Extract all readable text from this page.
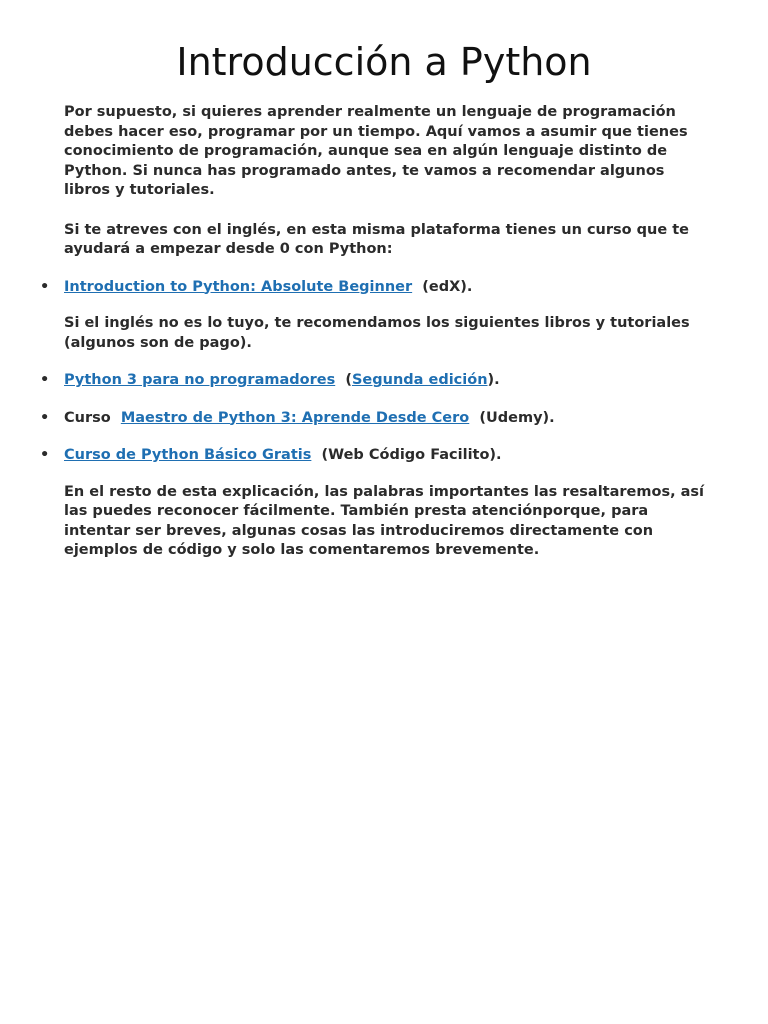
Introducción a Python

Por supuesto, si quieres aprender realmente un lenguaje de programación debes hacer eso, programar por un tiempo. Aquí vamos a asumir que tienes conocimiento de programación, aunque sea en algún lenguaje distinto de Python. Si nunca has programado antes, te vamos a recomendar algunos libros y tutoriales.

Si te atreves con el inglés, en esta misma plataforma tienes un curso que te ayudará a empezar desde 0 con Python:

• Introduction to Python: Absolute Beginner (edX).

Si el inglés no es lo tuyo, te recomendamos los siguientes libros y tutoriales (algunos son de pago).

• Python 3 para no programadores (Segunda edición).
• Curso Maestro de Python 3: Aprende Desde Cero (Udemy).
• Curso de Python Básico Gratis (Web Código Facilito).

En el resto de esta explicación, las palabras importantes las resaltaremos, así las puedes reconocer fácilmente. También presta atenciónporque, para intentar ser breves, algunas cosas las introduciremos directamente con ejemplos de código y solo las comentaremos brevemente.
